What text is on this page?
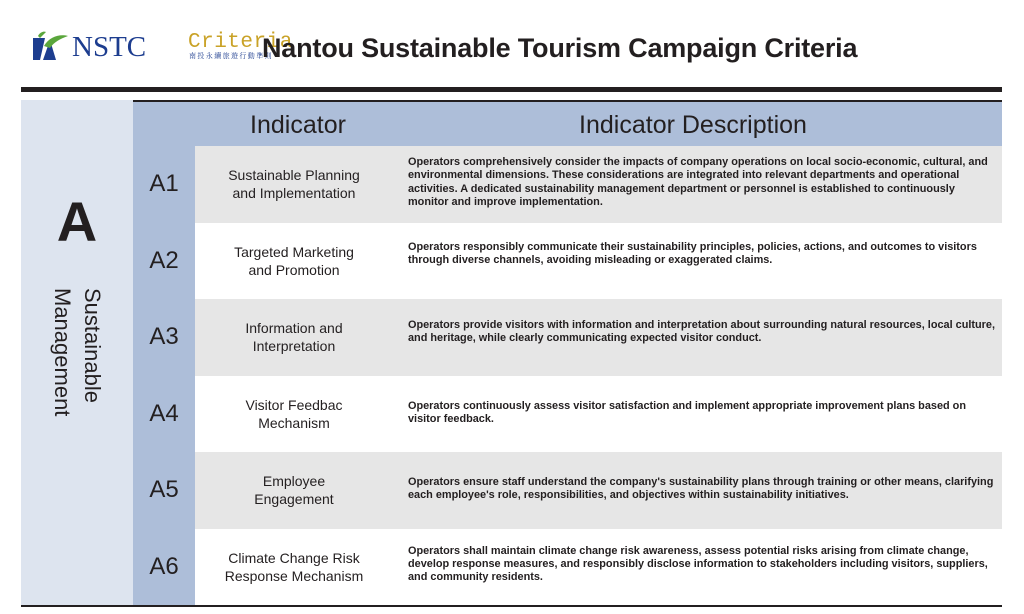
NSTC Criteria
南投永續旅遊行動準則
Nantou Sustainable Tourism Campaign Criteria
A
Sustainable Management
Indicator	Indicator Description
A1	Sustainable Planning
and Implementation
Operators comprehensively consider the impacts of company operations on local socio-economic, cultural, and environmental dimensions. These considerations are integrated into relevant departments and operational activities. A dedicated sustainability management department or personnel is established to continuously monitor and improve implementation.
A2	Targeted Marketing
and Promotion
Operators responsibly communicate their sustainability principles, policies, actions, and outcomes to visitors through diverse channels, avoiding misleading or exaggerated claims.
A3	Information and
Interpretation
Operators provide visitors with information and interpretation about surrounding natural resources, local culture, and heritage, while clearly communicating expected visitor conduct.
A4	Visitor Feedbac
Mechanism
Operators continuously assess visitor satisfaction and implement appropriate improvement plans based on visitor feedback.
A5	Employee
Engagement
Operators ensure staff understand the company's sustainability plans through training or other means, clarifying each employee's role, responsibilities, and objectives within sustainability initiatives.
A6	Climate Change Risk
Response Mechanism
Operators shall maintain climate change risk awareness, assess potential risks arising from climate change, develop response measures, and responsibly disclose information to stakeholders including visitors, suppliers, and community residents.
